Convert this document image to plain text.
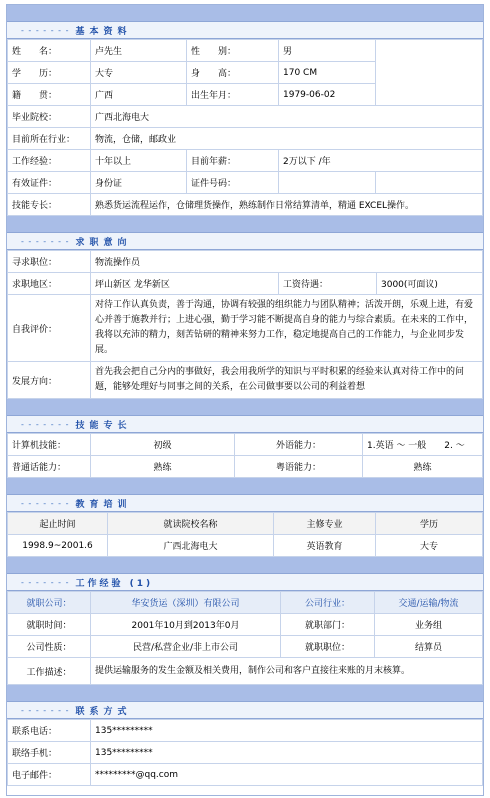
- - - - - - - 基本资料
姓　　名：	卢先生	性　　别：	男	
学　　历：	大专	身　　高：	170 CM	
籍　　贯：	广西	出生年月：	1979-06-02	
毕业院校：	广西北海电大			
目前所在行业：	物流，仓储，邮政业			
工作经验：	十年以上	目前年薪：	2万以下 /年	
有效证件：	身份证	证件号码：		
技能专长：	熟悉货运流程运作，仓储理货操作，熟练制作日常结算清单，精通 EXCEL操作。			
- - - - - - - 求职意向
寻求职位：	物流操作员		
求职地区：	坪山新区 龙华新区	工资待遇：	3000(可面议)
自我评价：	对待工作认真负责，善于沟通，协调有较强的组织能力与团队精神；活泼开朗，乐观上进，有爱心并善于施教并行；上进心强，勤于学习能不断提高自身的能力与综合素质。在未来的工作中，我将以充沛的精力，刻苦钻研的精神来努力工作，稳定地提高自己的工作能力，与企业同步发展。		
发展方向：	首先我会把自己分内的事做好，我会用我所学的知识与平时积累的经验来认真对待工作中的问题，能够处理好与同事之间的关系，在公司做事要以公司的利益着想		
- - - - - - - 技能专长
计算机技能：	初级	外语能力：	1.英语 ～ 一般　　2. ～
普通话能力：	熟练	粤语能力：	熟练
- - - - - - - 教育培训
起止时间	就读院校名称	主修专业	学历
1998.9~2001.6	广西北海电大	英语教育	大专
- - - - - - - 工作经验 (1)
就职公司：	华安货运（深圳）有限公司	公司行业：	交通/运输/物流
就职时间：	2001年10月到2013年0月	就职部门：	业务组
公司性质：	民营/私营企业/非上市公司	就职职位：	结算员
工作描述：	提供运输服务的发生金额及相关费用，制作公司和客户直接往来账的月末核算。		
- - - - - - - 联系方式
联系电话：	135*********
联络手机：	135*********
电子邮件：	*********@qq.com
